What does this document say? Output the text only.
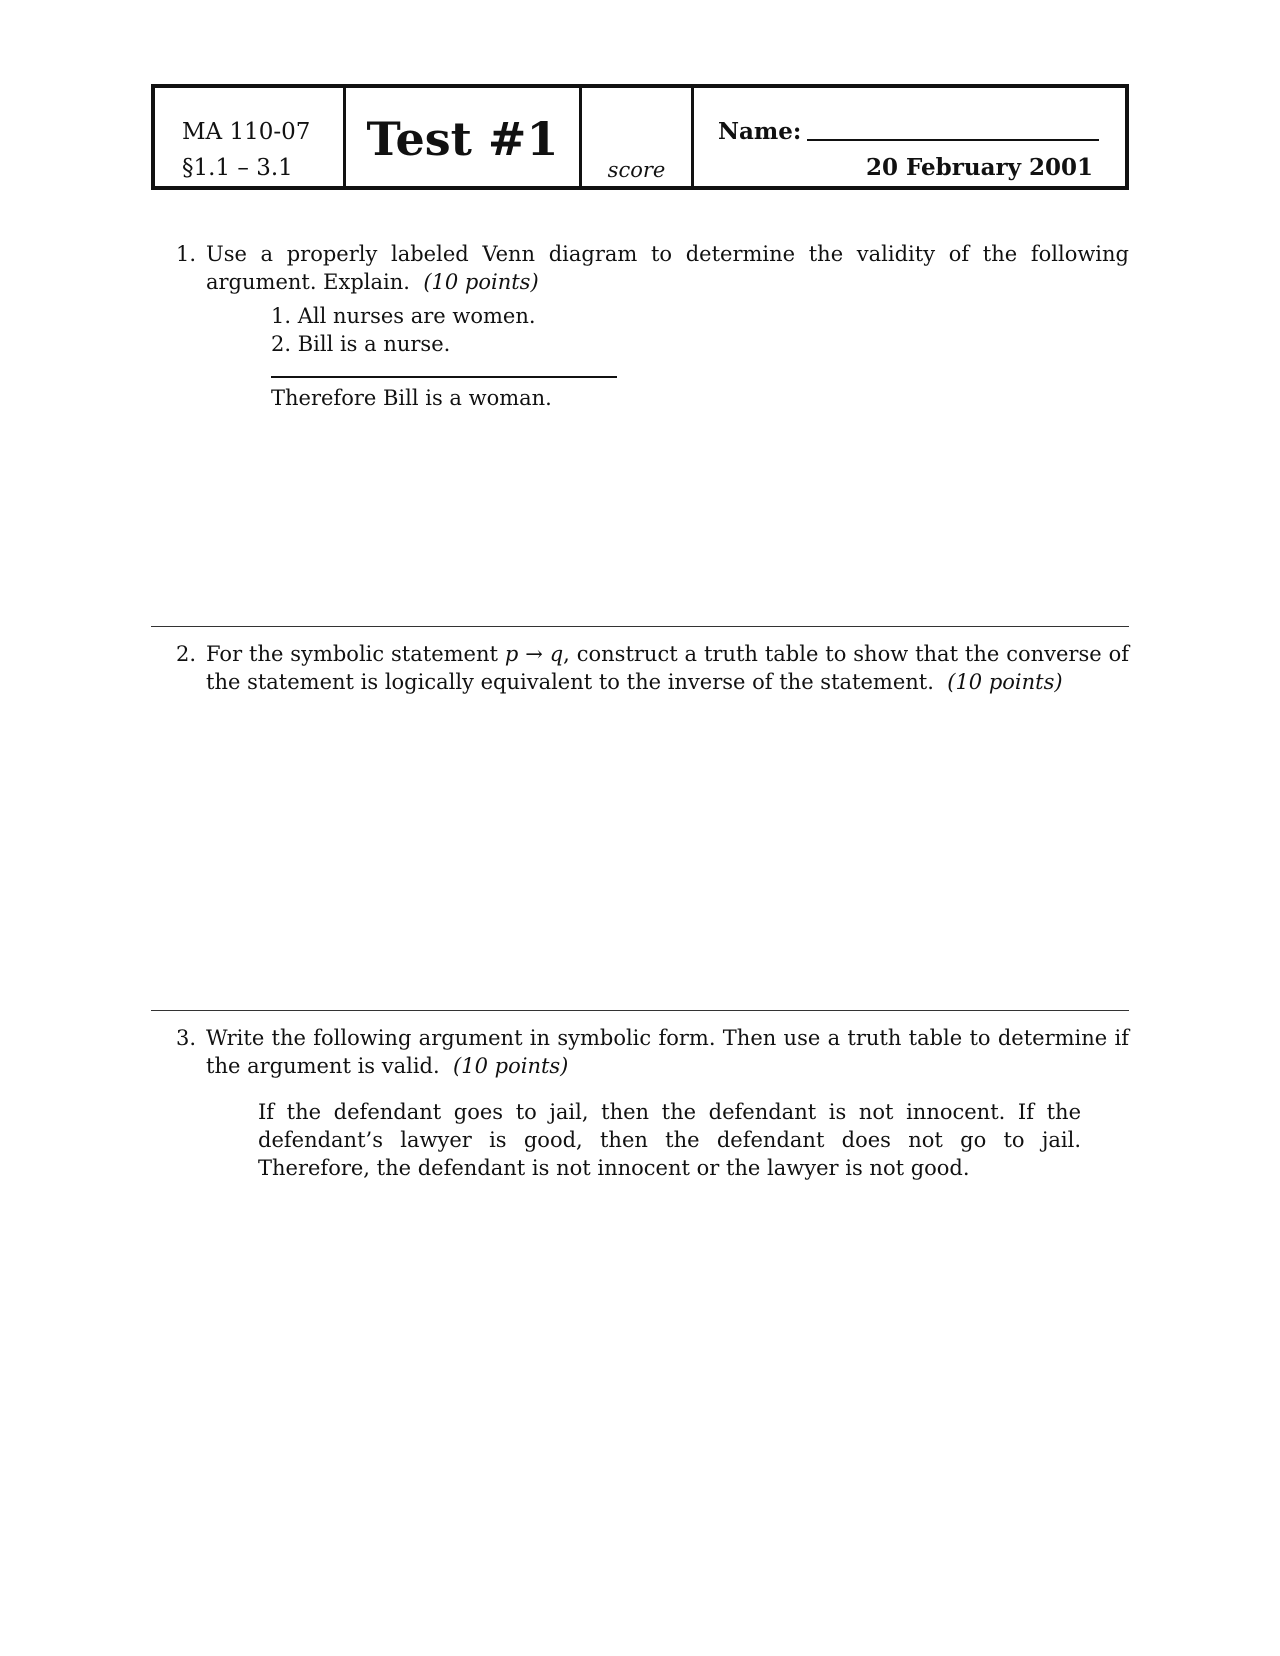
MA 110-07
§1.1 – 3.1
Test #1
score
Name:
20 February 2001
1. Use a properly labeled Venn diagram to determine the validity of the following argument. Explain. (10 points)
1. All nurses are women.
2. Bill is a nurse.
Therefore Bill is a woman.
2. For the symbolic statement p → q, construct a truth table to show that the converse of the statement is logically equivalent to the inverse of the statement. (10 points)
3. Write the following argument in symbolic form. Then use a truth table to determine if the argument is valid. (10 points)
If the defendant goes to jail, then the defendant is not innocent. If the defendant’s lawyer is good, then the defendant does not go to jail. Therefore, the defendant is not innocent or the lawyer is not good.
